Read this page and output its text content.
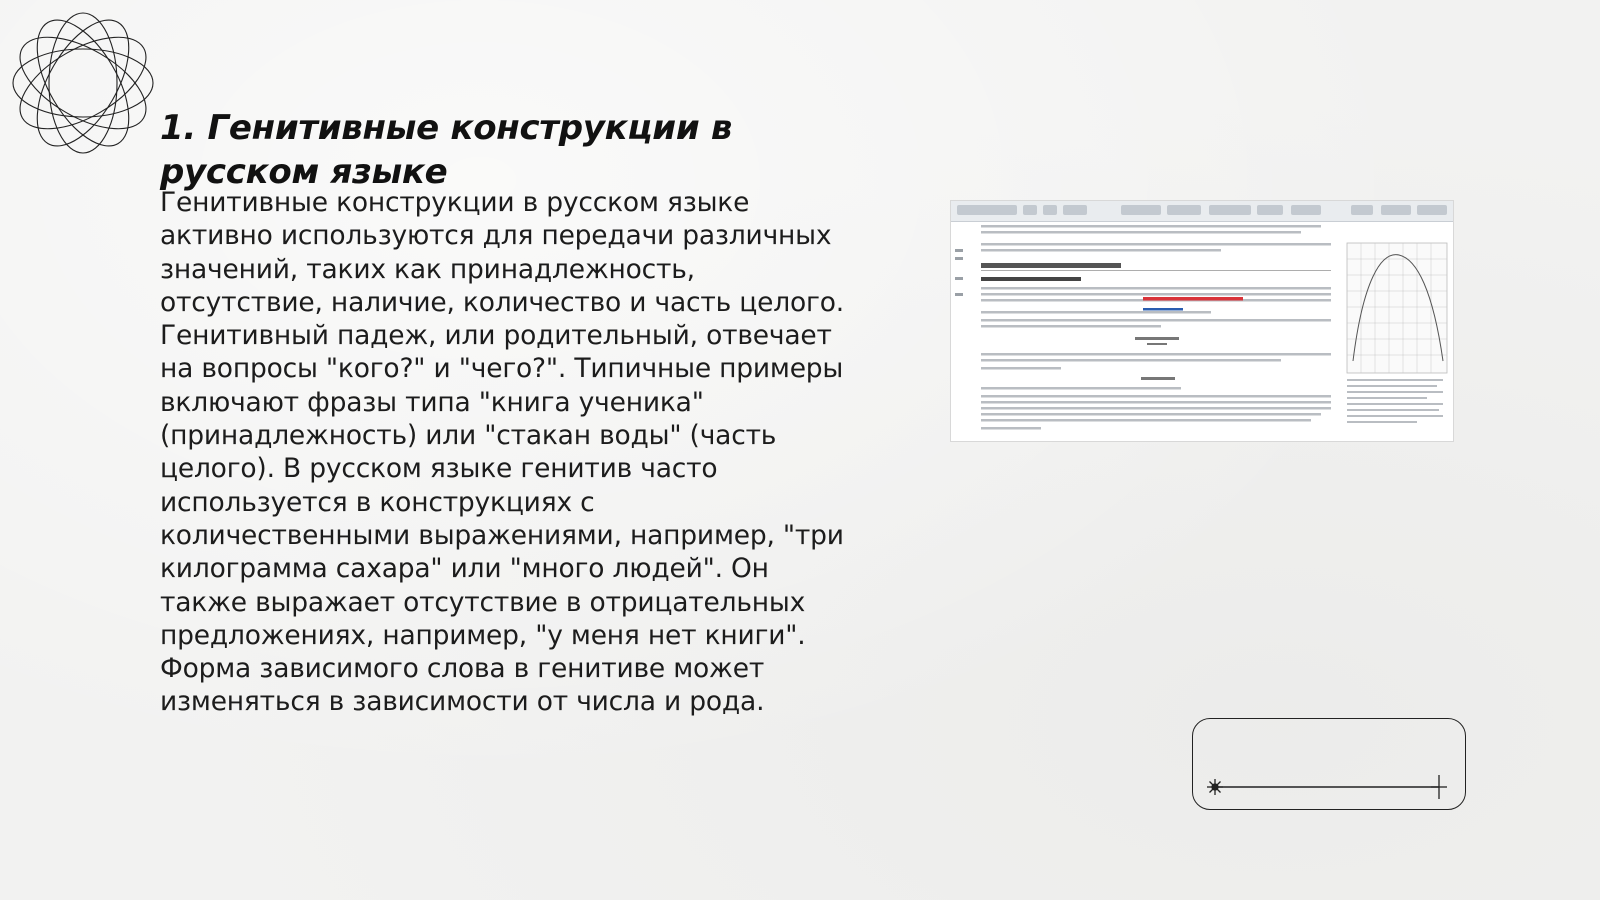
1. Генитивные конструкции в русском языке

Генитивные конструкции в русском языке активно используются для передачи различных значений, таких как принадлежность, отсутствие, наличие, количество и часть целого. Генитивный падеж, или родительный, отвечает на вопросы "кого?" и "чего?". Типичные примеры включают фразы типа "книга ученика" (принадлежность) или "стакан воды" (часть целого). В русском языке генитив часто используется в конструкциях с количественными выражениями, например, "три килограмма сахара" или "много людей". Он также выражает отсутствие в отрицательных предложениях, например, "у меня нет книги". Форма зависимого слова в генитиве может изменяться в зависимости от числа и рода.
